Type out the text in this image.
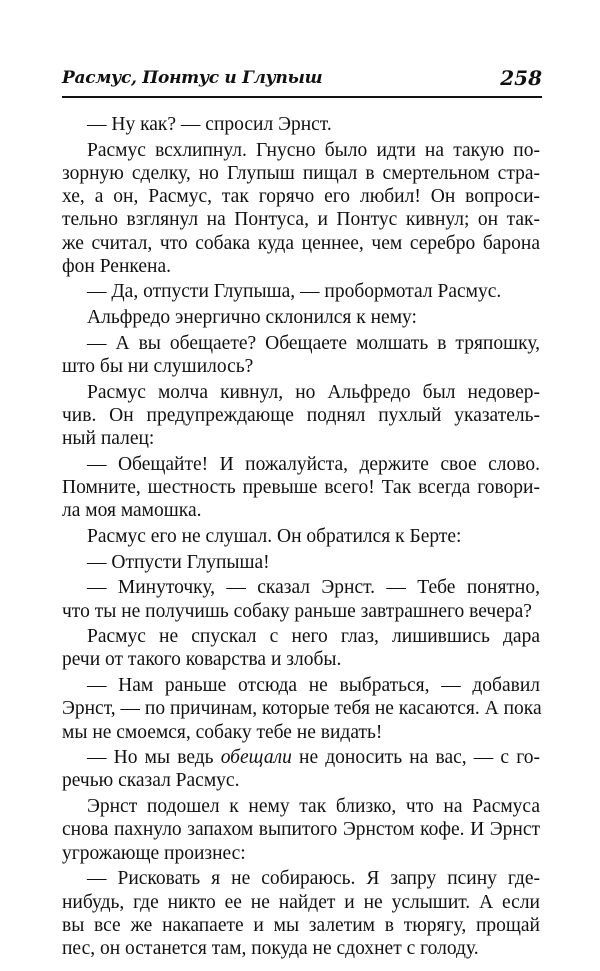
Расмус, Понтус и Глупыш	258
— Ну как? — спросил Эрнст.
Расмус всхлипнул. Гнусно было идти на такую по-
зорную сделку, но Глупыш пищал в смертельном стра-
хе, а он, Расмус, так горячо его любил! Он вопроси-
тельно взглянул на Понтуса, и Понтус кивнул; он так-
же считал, что собака куда ценнее, чем серебро барона
фон Ренкена.
— Да, отпусти Глупыша, — пробормотал Расмус.
Альфредо энергично склонился к нему:
— А вы обещаете? Обещаете молшать в тряпошку,
што бы ни слушилось?
Расмус молча кивнул, но Альфредо был недовер-
чив. Он предупреждающе поднял пухлый указатель-
ный палец:
— Обещайте! И пожалуйста, держите свое слово.
Помните, шестность превыше всего! Так всегда говори-
ла моя мамошка.
Расмус его не слушал. Он обратился к Берте:
— Отпусти Глупыша!
— Минуточку, — сказал Эрнст. — Тебе понятно,
что ты не получишь собаку раньше завтрашнего вечера?
Расмус не спускал с него глаз, лишившись дара
речи от такого коварства и злобы.
— Нам раньше отсюда не выбраться, — добавил
Эрнст, — по причинам, которые тебя не касаются. А пока
мы не смоемся, собаку тебе не видать!
— Но мы ведь обещали не доносить на вас, — с го-
речью сказал Расмус.
Эрнст подошел к нему так близко, что на Расмуса
снова пахнуло запахом выпитого Эрнстом кофе. И Эрнст
угрожающе произнес:
— Рисковать я не собираюсь. Я запру псину где-
нибудь, где никто ее не найдет и не услышит. А если
вы все же накапаете и мы залетим в тюрягу, прощай
пес, он останется там, покуда не сдохнет с голоду.
